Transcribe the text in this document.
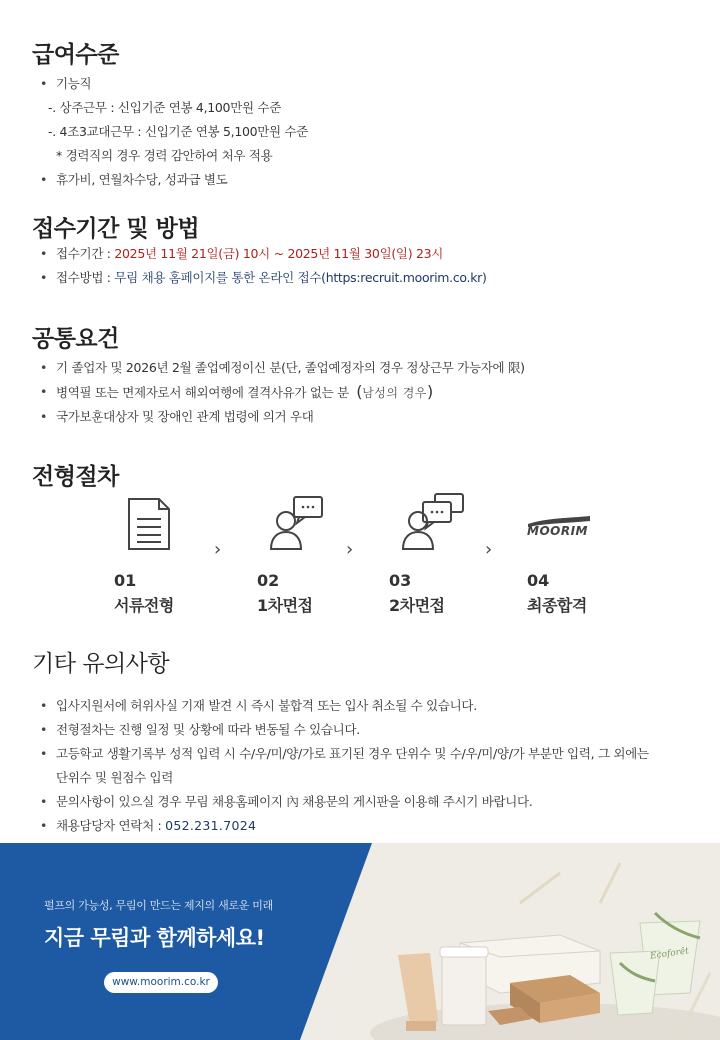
급여수준
• 기능직
-. 상주근무 : 신입기준 연봉 4,100만원 수준
-. 4조3교대근무 : 신입기준 연봉 5,100만원 수준
* 경력직의 경우 경력 감안하여 처우 적용
• 휴가비, 연월차수당, 성과급 별도
접수기간 및 방법
• 접수기간 : 2025년 11월 21일(금) 10시 ~ 2025년 11월 30일(일) 23시
• 접수방법 : 무림 채용 홈페이지를 통한 온라인 접수(https:recruit.moorim.co.kr)
공통요건
• 기 졸업자 및 2026년 2월 졸업예정이신 분(단, 졸업예정자의 경우 정상근무 가능자에 限)
• 병역필 또는 면제자로서 해외여행에 결격사유가 없는 분 (남성의 경우)
• 국가보훈대상자 및 장애인 관계 법령에 의거 우대
전형절차
MOORIM
›	›	›
01
서류전형
02
1차면접
03
2차면접
04
최종합격
기타 유의사항
• 입사지원서에 허위사실 기재 발견 시 즉시 불합격 또는 입사 취소될 수 있습니다.
• 전형절차는 진행 일정 및 상황에 따라 변동될 수 있습니다.
• 고등학교 생활기록부 성적 입력 시 수/우/미/양/가로 표기된 경우 단위수 및 수/우/미/양/가 부분만 입력, 그 외에는
단위수 및 원점수 입력
• 문의사항이 있으실 경우 무림 채용홈페이지 內 채용문의 게시판을 이용해 주시기 바랍니다.
• 채용담당자 연락처 : 052.231.7024
Ecoforêt
펄프의 가능성, 무림이 만드는 제지의 새로운 미래
지금 무림과 함께하세요!
www.moorim.co.kr
